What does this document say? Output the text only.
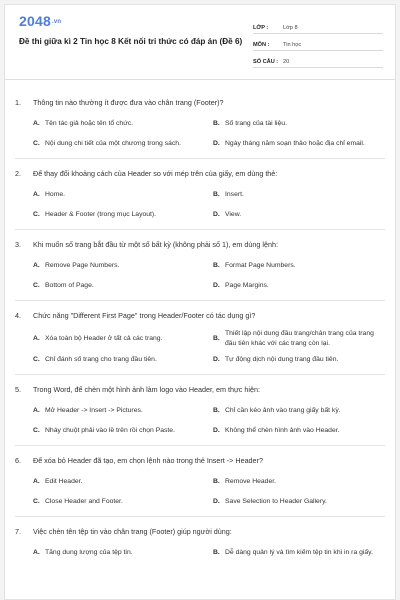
2048.vn
Đề thi giữa kì 2 Tin học 8 Kết nối tri thức có đáp án (Đề 6)
LỚP :	Lớp 8
MÔN :	Tin học
SỐ CÂU : 20
1.	Thông tin nào thường ít được đưa vào chân trang (Footer)?
A. Tên tác giả hoặc tên tổ chức.	B. Số trang của tài liệu.
C. Nội dung chi tiết của một chương trong sách.	D. Ngày tháng năm soạn thảo hoặc địa chỉ email.
2.	Để thay đổi khoảng cách của Header so với mép trên của giấy, em dùng thẻ:
A. Home.	B. Insert.
C. Header & Footer (trong mục Layout).	D. View.
3.	Khi muốn số trang bắt đầu từ một số bất kỳ (không phải số 1), em dùng lệnh:
A. Remove Page Numbers.	B. Format Page Numbers.
C. Bottom of Page.	D. Page Margins.
4.	Chức năng "Different First Page" trong Header/Footer có tác dụng gì?
A. Xóa toàn bộ Header ở tất cả các trang.	B.
Thiết lập nội dung đầu trang/chân trang của trang đầu tiên khác với các trang còn lại.
C. Chỉ đánh số trang cho trang đầu tiên.	D. Tự động dịch nội dung trang đầu tiên.
5.	Trong Word, để chèn một hình ảnh làm logo vào Header, em thực hiện:
A. Mở Header -> Insert -> Pictures.	B. Chỉ cần kéo ảnh vào trang giấy bất kỳ.
C. Nháy chuột phải vào lề trên rồi chọn Paste.	D. Không thể chèn hình ảnh vào Header.
6.	Để xóa bỏ Header đã tạo, em chọn lệnh nào trong thẻ Insert -> Header?
A. Edit Header.	B. Remove Header.
C. Close Header and Footer.	D. Save Selection to Header Gallery.
7.	Việc chèn tên tệp tin vào chân trang (Footer) giúp người dùng:
A. Tăng dung lượng của tệp tin.	B. Dễ dàng quản lý và tìm kiếm tệp tin khi in ra giấy.
